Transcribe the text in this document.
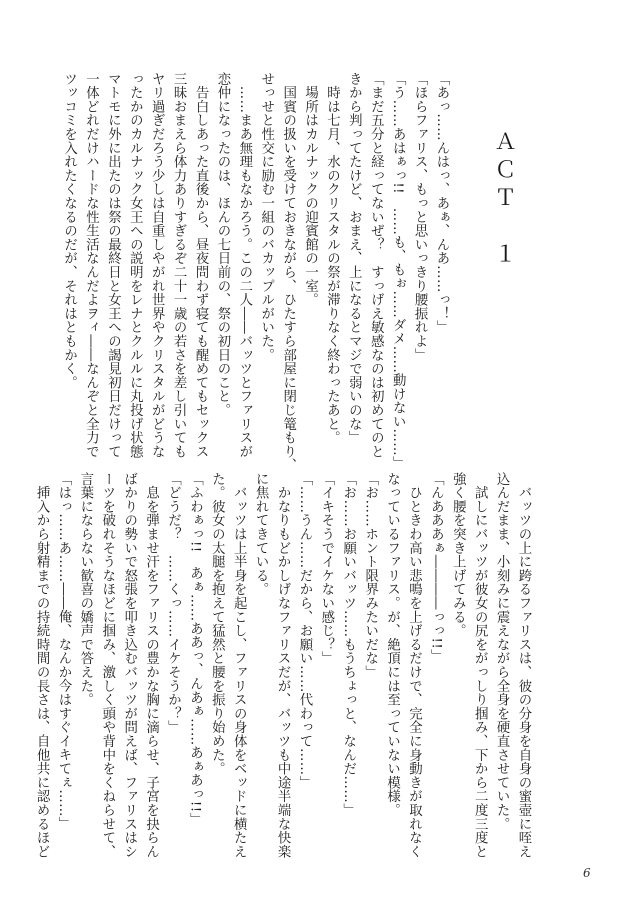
ＡＣＴ　１
「あっ……んはっ、あぁ、んあ……っ！」
「ほらファリス、もっと思いっきり腰振れよ」
「う……あはぁっ!!　……も、もぉ……ダメ……動けない……」
「まだ五分と経ってないぜ？　すっげえ敏感なのは初めてのと
きから判ってたけど、おまえ、上になるとマジで弱いのな」
　時は七月、水のクリスタルの祭が滞りなく終わったあと。
　場所はカルナックの迎賓館の一室。
　国賓の扱いを受けておきながら、ひたすら部屋に閉じ篭もり、
せっせと性交に励む一組のバカップルがいた。
　……まあ無理もなかろう。この二人――バッツとファリスが
恋仲になったのは、ほんの七日前の、祭の初日のこと。
　告白しあった直後から、昼夜問わず寝ても醒めてもセックス
三昧おまえら体力ありすぎるぞ二十一歳の若さを差し引いても
ヤリ過ぎだろう少しは自重しやがれ世界やクリスタルがどうな
ったかのカルナック女王への説明をレナとクルルに丸投げ状態
マトモに外に出たのは祭の最終日と女王への謁見初日だけって
一体どれだけハードな性生活なんだよヲィ――なんぞと全力で
ツッコミを入れたくなるのだが、それはともかく。
　バッツの上に跨るファリスは、彼の分身を自身の蜜壺に咥え
込んだまま、小刻みに震えながら全身を硬直させていた。
　試しにバッツが彼女の尻をがっしり掴み、下から二度三度と
強く腰を突き上げてみる。
「んあああぁ――――っっ!!」
　ひときわ高い悲鳴を上げるだけで、完全に身動きが取れなく
なっているファリス。が、絶頂には至っていない模様。
「お……ホント限界みたいだな」
「お……お願いバッツ……もうちょっと、なんだ……」
「イキそうでイケない感じ？」
「……うん……だから、お願い……代わって……」
　かなりもどかしげなファリスだが、バッツも中途半端な快楽
に焦れてきている。
　バッツは上半身を起こし、ファリスの身体をベッドに横たえ
た。彼女の太腿を抱えて猛然と腰を振り始めた。
「ふわぁっ!!　あぁ……ああっ、んあぁ……あぁあっ!!」
「どうだ？　……くっ……イケそうか？」
　息を弾ませ汗をファリスの豊かな胸に滴らせ、子宮を抉らん
ばかりの勢いで怒張を叩き込むバッツが問えば、ファリスはシ
ーツを破れそうなほどに掴み、激しく頭や背中をくねらせて、
言葉にならない歓喜の嬌声で答えた。
「はっ……あ……――俺、なんか今はすぐイキてぇ……」
　挿入から射精までの持続時間の長さは、自他共に認めるほど
6
